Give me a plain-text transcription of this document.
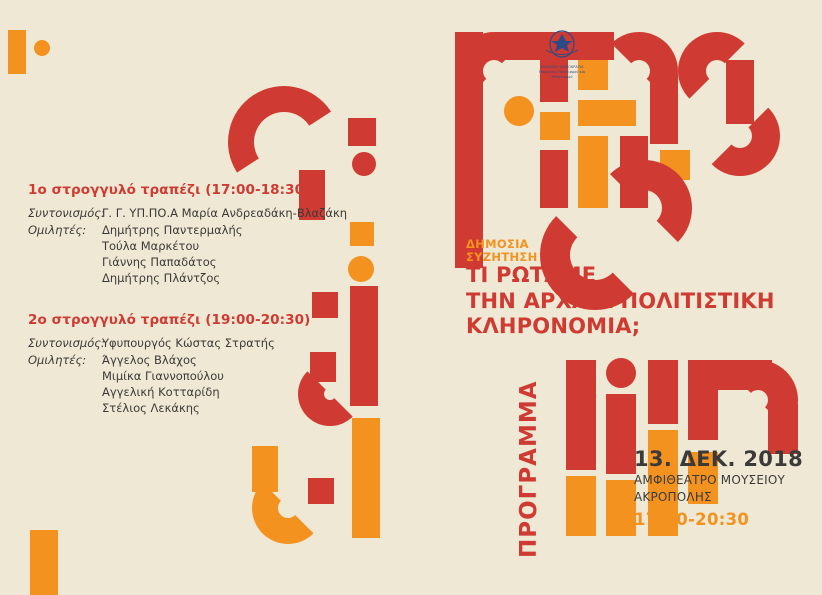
ΕΛΛΗΝΙΚΗ ΔΗΜΟΚΡΑΤΙΑ
Υπουργείο Πολιτισμού και Αθλητισμού
1ο στρογγυλό τραπέζι (17:00-18:30)
Συντονισμός:
Γ. Γ. ΥΠ.ΠΟ.Α Μαρία Ανδρεαδάκη-Βλαζάκη
Ομιλητές:	Δημήτρης Παντερμαλής
Τούλα Μαρκέτου
Γιάννης Παπαδάτος
Δημήτρης Πλάντζος
2ο στρογγυλό τραπέζι (19:00-20:30)
Συντονισμός:
Υφυπουργός Κώστας Στρατής
Ομιλητές:	Άγγελος Βλάχος
Μιμίκα Γιαννοπούλου
Αγγελική Κοτταρίδη
Στέλιος Λεκάκης
ΔΗΜΟΣΙΑ
ΣΥΖΗΤΗΣΗ
ΤΙ ΡΩΤΑΜΕ
ΤΗΝ ΑΡΧΑΙΑ ΠΟΛΙΤΙΣΤΙΚΗ
ΚΛΗΡΟΝΟΜΙΑ;
ΠΡΟΓΡΑΜΜΑ	13. ΔΕΚ. 2018
ΑΜΦΙΘΕΑΤΡΟ ΜΟΥΣΕΙΟΥ
ΑΚΡΟΠΟΛΗΣ
17:00-20:30
